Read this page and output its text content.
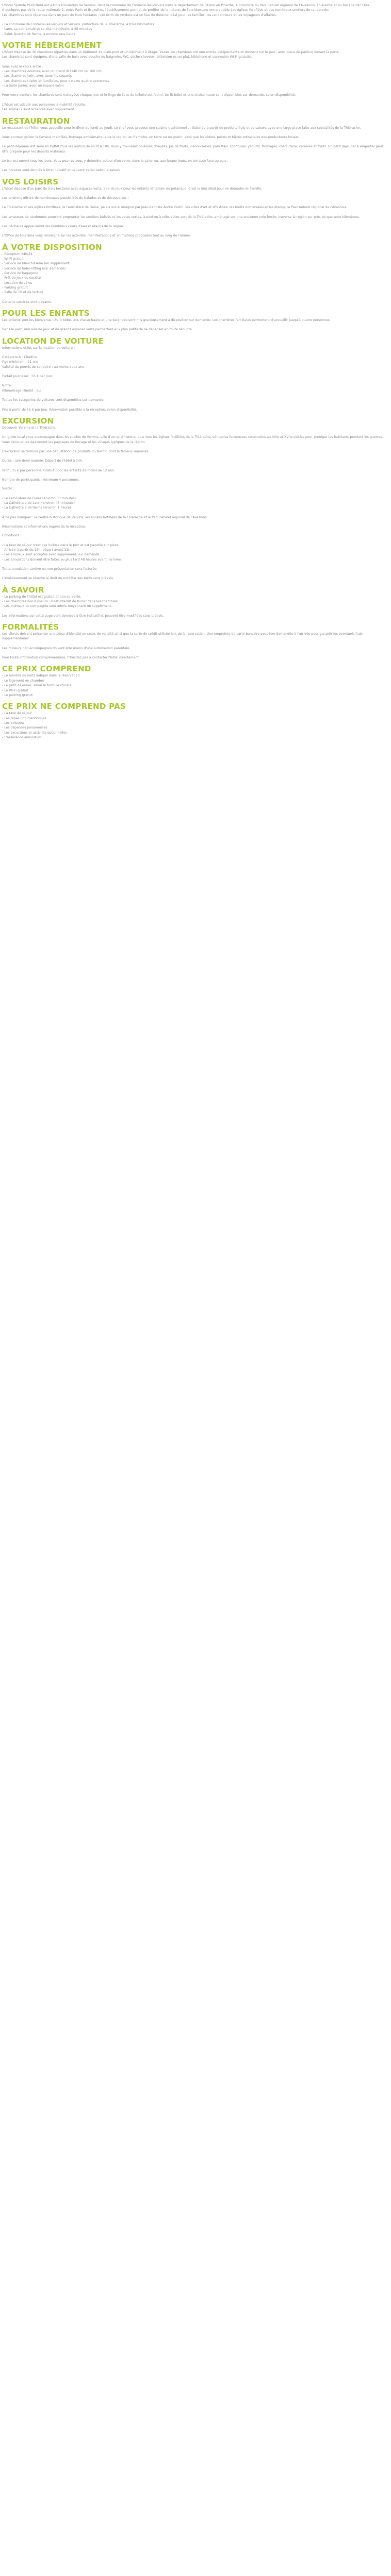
L'hôtel Spatule Paris Nord est à trois kilomètres de Vervins, dans la commune de Fontaine-lès-Vervins dans le département de l'Aisne en Picardie, à proximité du Parc naturel régional de l'Avesnois, Thiérache et du bocage de l'Oise.

À quelques pas de la route nationale 2, entre Paris et Bruxelles, l'établissement permet de profiter de la nature, de l'architecture remarquable des églises fortifiées et des nombreux sentiers de randonnée.

Les chambres sont réparties dans un parc de trois hectares ; cet écrin de verdure est un lieu de détente idéal pour les familles, les randonneurs et les voyageurs d'affaires.

- La commune de Fontaine-lès-Vervins et Vervins, préfecture de la Thiérache, à trois kilomètres

- Laon, sa cathédrale et sa cité médiévale, à 45 minutes

- Saint-Quentin et Reims, à environ une heure

VOTRE HÉBERGEMENT

L'hôtel dispose de 36 chambres réparties dans un bâtiment de plain-pied et un bâtiment à étage. Toutes les chambres ont une entrée indépendante et donnent sur le parc, avec place de parking devant la porte.

Les chambres sont équipées d'une salle de bain avec douche ou baignoire, WC, sèche-cheveux, télévision écran plat, téléphone et connexion Wi-Fi gratuite.

Vous avez le choix entre :

- Les chambres doubles, avec un grand lit (140 cm ou 160 cm)

- Les chambres twin, avec deux lits séparés

- Les chambres triples et familiales, pour trois ou quatre personnes

- La Suite Junior, avec un espace salon

Pour votre confort, les chambres sont nettoyées chaque jour et le linge de lit et de toilette est fourni. Un lit bébé et une chaise haute sont disponibles sur demande, selon disponibilité.

L'hôtel est adapté aux personnes à mobilité réduite.

Les animaux sont acceptés avec supplément.

RESTAURATION

Le restaurant de l'hôtel vous accueille pour le dîner du lundi au jeudi. Le chef vous propose une cuisine traditionnelle, élaborée à partir de produits frais et de saison, avec une large place faite aux spécialités de la Thiérache.

Vous pourrez goûter le fameux maroilles, fromage emblématique de la région, en flamiche, en tarte ou en gratin, ainsi que les cidres, poirés et bières artisanales des producteurs locaux.

Le petit déjeuner est servi en buffet tous les matins de 6h30 à 10h. Vous y trouverez boissons chaudes, jus de fruits, viennoiseries, pain frais, confitures, yaourts, fromages, charcuterie, céréales et fruits. Un petit déjeuner à emporter peut être préparé pour les départs matinaux.

Le bar est ouvert tous les jours. Vous pourrez vous y détendre autour d'un verre, dans le salon ou, aux beaux jours, en terrasse face au parc.

Les horaires sont donnés à titre indicatif et peuvent varier selon la saison.

VOS LOISIRS

L'hôtel dispose d'un parc de trois hectares avec espaces verts, aire de jeux pour les enfants et terrain de pétanque. C'est le lieu idéal pour se détendre en famille.

Les environs offrent de nombreuses possibilités de balades et de découvertes :

La Thiérache et ses églises fortifiées, le Familistère de Guise, palais social imaginé par Jean-Baptiste André Godin, les villes d'art et d'histoire, les forêts domaniales et les étangs, le Parc naturel régional de l'Avesnois.

Les amateurs de randonnée pourront emprunter les sentiers balisés et les voies vertes, à pied ou à vélo. L'Axe vert de la Thiérache, aménagé sur une ancienne voie ferrée, traverse la région sur près de quarante kilomètres.

Les pêcheurs apprécieront les nombreux cours d'eau et étangs de la région.

L'Office de tourisme vous renseigne sur les activités, manifestations et animations proposées tout au long de l'année.

À VOTRE DISPOSITION

- Réception 24h/24

- Wi-Fi gratuit

- Service de blanchisserie (en supplément)

- Service de baby-sitting (sur demande)

- Service de bagagerie

- Prêt de jeux de société

- Location de vélos

- Parking gratuit

- Salle de TV et de lecture

Certains services sont payants.

POUR LES ENFANTS

Les enfants sont les bienvenus. Un lit bébé, une chaise haute et une baignoire sont mis gracieusement à disposition sur demande. Les chambres familiales permettent d'accueillir jusqu'à quatre personnes.

Dans le parc, une aire de jeux et de grands espaces verts permettent aux plus petits de se dépenser en toute sécurité.

LOCATION DE VOITURE

Informations utiles sur la location de voiture :

Catégorie A : Citadine

Âge minimum : 21 ans

Validité du permis de conduire : au moins deux ans

Forfait journalier : 55 € par jour

Notre :

Kilométrage illimité : oui

Toutes les catégories de voitures sont disponibles sur demande.

Prix à partir de 55 € par jour. Réservation possible à la réception, selon disponibilité.

EXCURSION

Découvrir Vervins et la Thiérache.

Un guide local vous accompagne dans les ruelles de Vervins, ville d'art et d'histoire, puis vers les églises fortifiées de la Thiérache, véritables forteresses construites au XVIe et XVIIe siècles pour protéger les habitants pendant les guerres. Vous découvrirez également les paysages de bocage et les villages typiques de la région.

L'excursion se termine par une dégustation de produits du terroir, dont le fameux maroilles.

Durée : une demi-journée. Départ de l'hôtel à 14h.

Tarif : 35 € par personne. Gratuit pour les enfants de moins de 12 ans.

Nombre de participants : minimum 4 personnes.

Visiter :

- Le Familistère de Guise (environ 30 minutes)

- La Cathédrale de Laon (environ 45 minutes)

- La Cathédrale de Reims (environ 1 heure)

À ne pas manquer : le centre historique de Vervins, les églises fortifiées de la Thiérache et le Parc naturel régional de l'Avesnois.

Réservations et informations auprès de la réception.

Conditions :

- La taxe de séjour n'est pas incluse dans le prix et est payable sur place.

- Arrivée à partir de 15h, départ avant 11h.

- Les animaux sont acceptés avec supplément, sur demande.

- Les annulations doivent être faites au plus tard 48 heures avant l'arrivée.

Toute annulation tardive ou non-présentation sera facturée.

L'établissement se réserve le droit de modifier ses tarifs sans préavis.

À SAVOIR

- Le parking de l'hôtel est gratuit et non surveillé.

- Les chambres non-fumeurs ; il est interdit de fumer dans les chambres.

- Les animaux de compagnie sont admis moyennant un supplément.

Les informations sur cette page sont données à titre indicatif et peuvent être modifiées sans préavis.

FORMALITÉS

Les clients doivent présenter une pièce d'identité en cours de validité ainsi que la carte de crédit utilisée lors de la réservation. Une empreinte de carte bancaire peut être demandée à l'arrivée pour garantir les éventuels frais supplémentaires.

Les mineurs non accompagnés doivent être munis d'une autorisation parentale.

Pour toute information complémentaire, n'hésitez pas à contacter l'hôtel directement.

CE PRIX COMPREND

- Le nombre de nuits indiqué dans la réservation

- Le logement en chambre

- Le petit déjeuner, selon la formule choisie

- Le Wi-Fi gratuit

- Le parking gratuit

CE PRIX NE COMPREND PAS

- La taxe de séjour

- Les repas non mentionnés

- Les boissons

- Les dépenses personnelles

- Les excursions et activités optionnelles

- L'assurance annulation
